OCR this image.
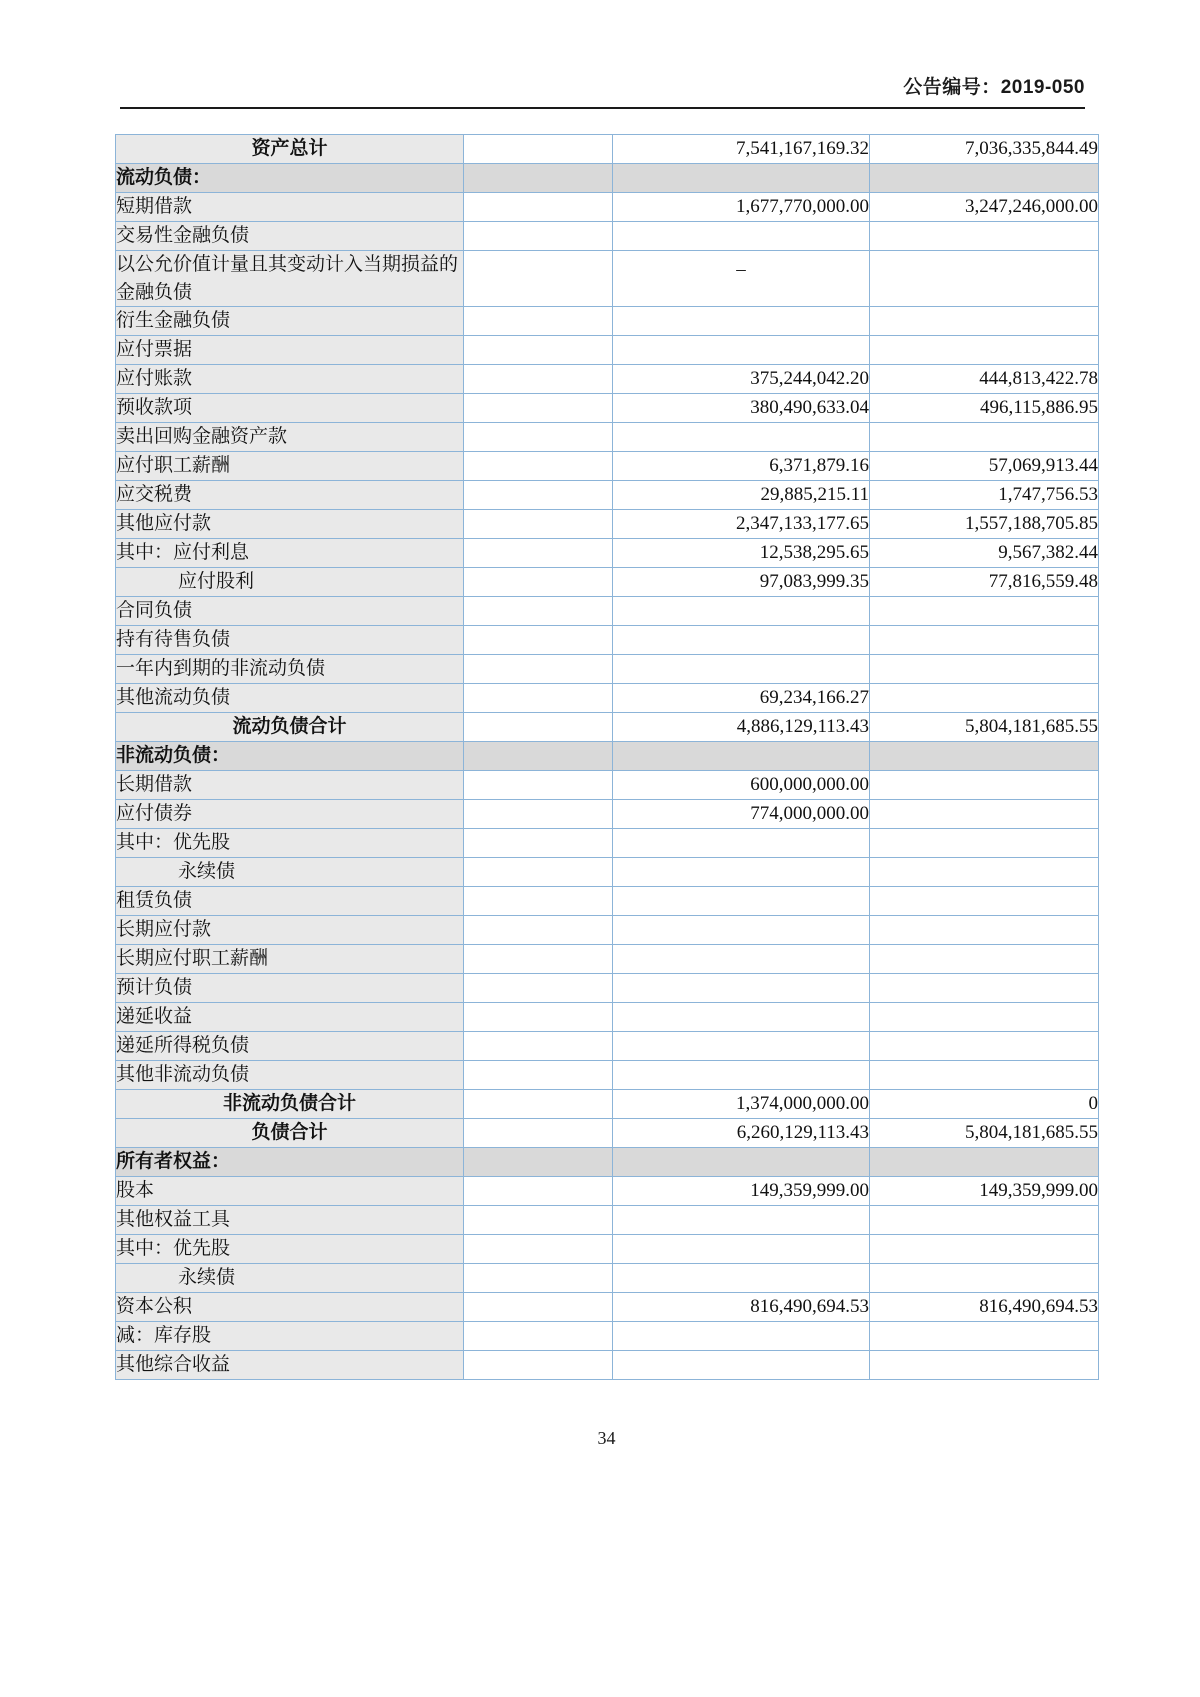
公告编号：2019-050
资产总计		7,541,167,169.32	7,036,335,844.49
流动负债：			
短期借款		1,677,770,000.00	3,247,246,000.00
交易性金融负债			
以公允价值计量且其变动计入当期损益的金融负债		–	
衍生金融负债			
应付票据			
应付账款		375,244,042.20	444,813,422.78
预收款项		380,490,633.04	496,115,886.95
卖出回购金融资产款			
应付职工薪酬		6,371,879.16	57,069,913.44
应交税费		29,885,215.11	1,747,756.53
其他应付款		2,347,133,177.65	1,557,188,705.85
其中：应付利息		12,538,295.65	9,567,382.44
应付股利		97,083,999.35	77,816,559.48
合同负债			
持有待售负债			
一年内到期的非流动负债			
其他流动负债		69,234,166.27	
流动负债合计		4,886,129,113.43	5,804,181,685.55
非流动负债：			
长期借款		600,000,000.00	
应付债券		774,000,000.00	
其中：优先股			
永续债			
租赁负债			
长期应付款			
长期应付职工薪酬			
预计负债			
递延收益			
递延所得税负债			
其他非流动负债			
非流动负债合计		1,374,000,000.00	0
负债合计		6,260,129,113.43	5,804,181,685.55
所有者权益：			
股本		149,359,999.00	149,359,999.00
其他权益工具			
其中：优先股			
永续债			
资本公积		816,490,694.53	816,490,694.53
减：库存股			
其他综合收益			
34
